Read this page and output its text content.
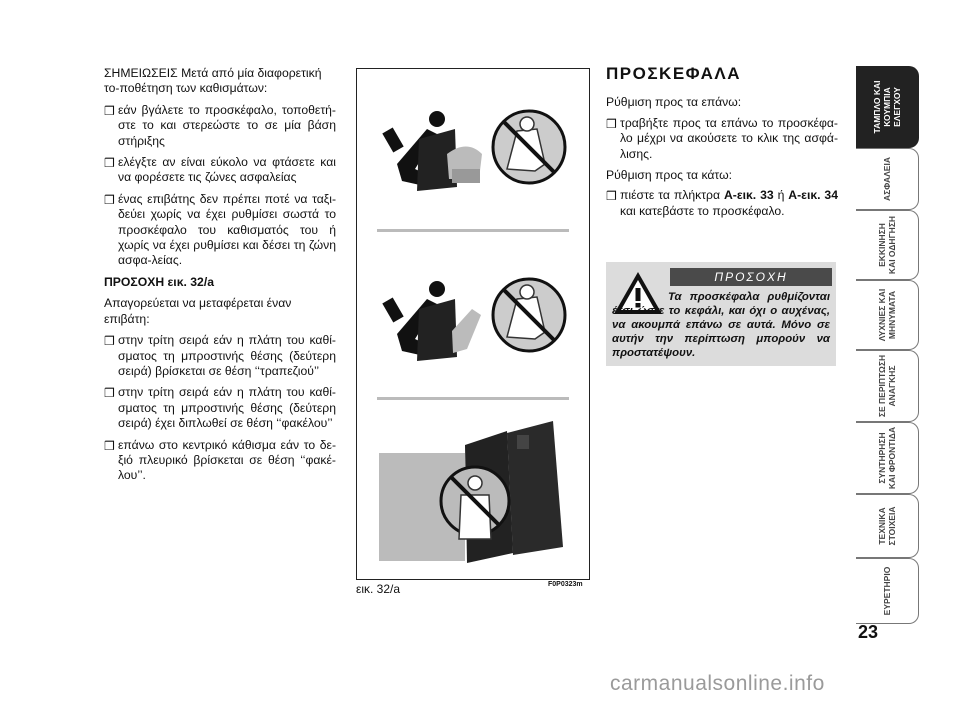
ΣΗΜΕΙΩΣΕΙΣ Μετά από μία διαφορετική το-ποθέτηση των καθισμάτων:

❒ εάν βγάλετε το προσκέφαλο, τοποθετή-στε το και στερεώστε το σε μία βάση στήριξης
❒ ελέγξτε αν είναι εύκολο να φτάσετε και να φορέσετε τις ζώνες ασφαλείας
❒ ένας επιβάτης δεν πρέπει ποτέ να ταξι-δεύει χωρίς να έχει ρυθμίσει σωστά το προσκέφαλο του καθισματός του ή χωρίς να έχει ρυθμίσει και δέσει τη ζώνη ασφα-λείας.

ΠΡΟΣΟΧΗ εικ. 32/a

Απαγορεύεται να μεταφέρεται έναν επιβάτη:

❒ στην τρίτη σειρά εάν η πλάτη του καθί-σματος τη μπροστινής θέσης (δεύτερη σειρά) βρίσκεται σε θέση ‘‘τραπεζιού’’
❒ στην τρίτη σειρά εάν η πλάτη του καθί-σματος τη μπροστινής θέσης (δεύτερη σειρά) έχει διπλωθεί σε θέση ‘‘φακέλου’’
❒ επάνω στο κεντρικό κάθισμα εάν το δε-ξιό πλευρικό βρίσκεται σε θέση ‘‘φακέ-λου’’.
εικ. 32/a	F0P0323m
ΠΡΟΣΚΕΦΑΛΑ

Ρύθμιση προς τα επάνω:

❒ τραβήξτε προς τα επάνω το προσκέφα-λο μέχρι να ακούσετε το κλικ της ασφά-λισης.

Ρύθμιση προς τα κάτω:

❒ πιέστε τα πλήκτρα A-εικ. 33 ή A-εικ. 34 και κατεβάστε το προσκέφαλο.
ΠΡΟΣΟΧΗ
Τα προσκέφαλα ρυθμίζονται έτσι ώστε το κεφάλι, και όχι ο αυχένας, να ακουμπά επάνω σε αυτά. Μόνο σε αυτήν την περίπτωση μπορούν να προστατέψουν.
ΤΑΜΠΛΟ ΚΑΙ
ΚΟΥΜΠΙΑ
ΕΛΕΓΧΟΥ
ΑΣΦΑΛΕΙΑ
ΕΚΚΙΝΗΣΗ
ΚΑΙ ΟΔΗΓΗΣΗ
ΛΥΧΝΙΕΣ ΚΑΙ
ΜΗΝΥΜΑΤΑ
ΣΕ ΠΕΡΙΠΤΩΣΗ
ΑΝΑΓΚΗΣ
ΣΥΝΤΗΡΗΣΗ
ΚΑΙ ΦΡΟΝΤΙΔΑ
ΤΕΧΝΙΚΑ
ΣΤΟΙΧΕΙΑ
ΕΥΡΕΤΗΡΙΟ
23
carmanualsonline.info
